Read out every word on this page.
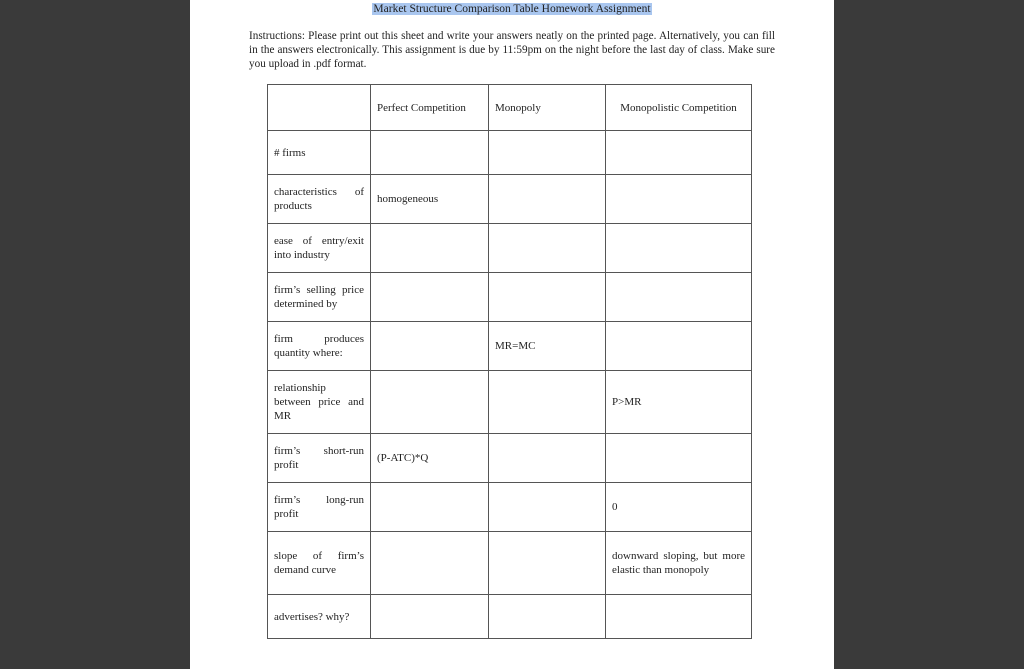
Market Structure Comparison Table Homework Assignment
Instructions: Please print out this sheet and write your answers neatly on the printed page. Alternatively, you can fill in the answers electronically. This assignment is due by 11:59pm on the night before the last day of class. Make sure you upload in .pdf format.
	Perfect Competition	Monopoly	Monopolistic Competition
# firms			
characteristics of products	homogeneous		
ease of entry/exit into industry			
firm’s selling price determined by			
firm produces quantity where:		MR=MC	
relationship between price and MR			P>MR
firm’s short-run profit	(P-ATC)*Q		
firm’s long-run profit			0
slope of firm’s demand curve			downward sloping, but more elastic than monopoly
advertises? why?			
